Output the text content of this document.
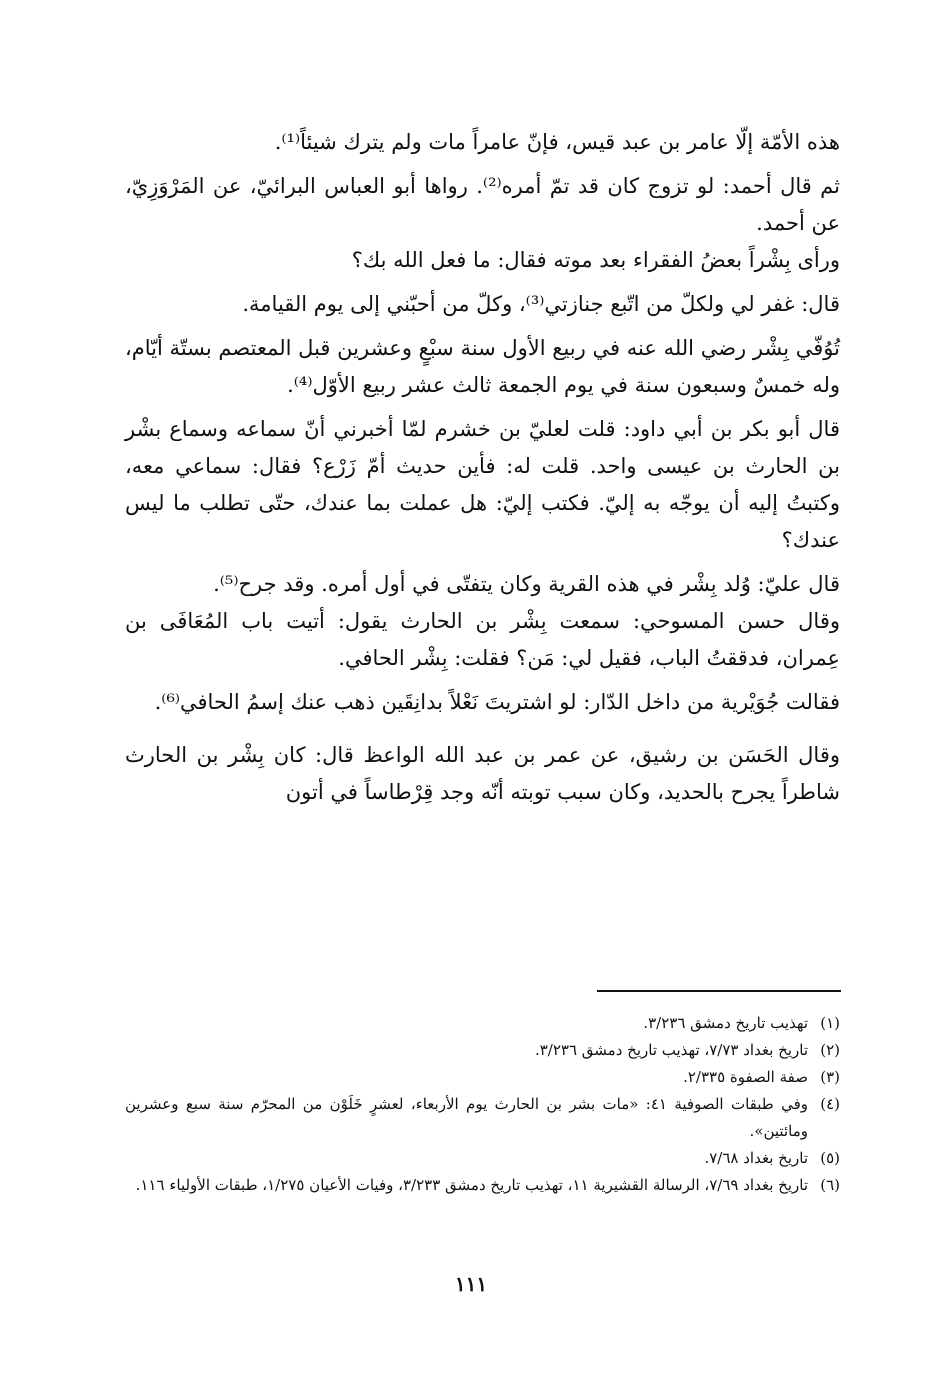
هذه الأمّة إلّا عامر بن عبد قيس، فإنّ عامراً مات ولم يترك شيئاً⁽¹⁾.

ثم قال أحمد: لو تزوج كان قد تمّ أمره⁽²⁾. رواها أبو العباس البرائيّ، عن المَرْوَزِيّ، عن أحمد.

ورأى بِشْراً بعضُ الفقراء بعد موته فقال: ما فعل الله بك؟

قال: غفر لي ولكلّ من اتّبع جنازتي⁽³⁾، وكلّ من أحبّني إلى يوم القيامة.

تُوُفّي بِشْر رضي الله عنه في ربيع الأول سنة سبْعٍ وعشرين قبل المعتصم بستّة أيّام، وله خمسٌ وسبعون سنة في يوم الجمعة ثالث عشر ربيع الأوّل⁽⁴⁾.

قال أبو بكر بن أبي داود: قلت لعليّ بن خشرم لمّا أخبرني أنّ سماعه وسماع بشْر بن الحارث بن عيسى واحد. قلت له: فأين حديث أمّ زَرْع؟ فقال: سماعي معه، وكتبتُ إليه أن يوجّه به إليّ. فكتب إليّ: هل عملت بما عندك، حتّى تطلب ما ليس عندك؟

قال عليّ: وُلد بِشْر في هذه القرية وكان يتفتّى في أول أمره. وقد جرح⁽⁵⁾.

وقال حسن المسوحي: سمعت بِشْر بن الحارث يقول: أتيت باب المُعَافَى بن عِمران، فدققتُ الباب، فقيل لي: مَن؟ فقلت: بِشْر الحافي.

فقالت جُوَيْرية من داخل الدّار: لو اشتريتَ نَعْلاً بدانِقَين ذهب عنك إسمُ الحافي⁽⁶⁾.

وقال الحَسَن بن رشيق، عن عمر بن عبد الله الواعظ قال: كان بِشْر بن الحارث شاطراً يجرح بالحديد، وكان سبب توبته أنّه وجد قِرْطاساً في أتون

(١)
تهذيب تاريخ دمشق ٣/٢٣٦.
(٢)
تاريخ بغداد ٧/٧٣، تهذيب تاريخ دمشق ٣/٢٣٦.
(٣)
صفة الصفوة ٢/٣٣٥.
(٤)
وفي طبقات الصوفية ٤١: «مات بشر بن الحارث يوم الأربعاء، لعشرٍ خَلَوْن من المحرّم سنة سبع وعشرين ومائتين».
(٥)
تاريخ بغداد ٧/٦٨.
(٦)
تاريخ بغداد ٧/٦٩، الرسالة القشيرية ١١، تهذيب تاريخ دمشق ٣/٢٣٣، وفيات الأعيان ١/٢٧٥، طبقات الأولياء ١١٦.
١١١
